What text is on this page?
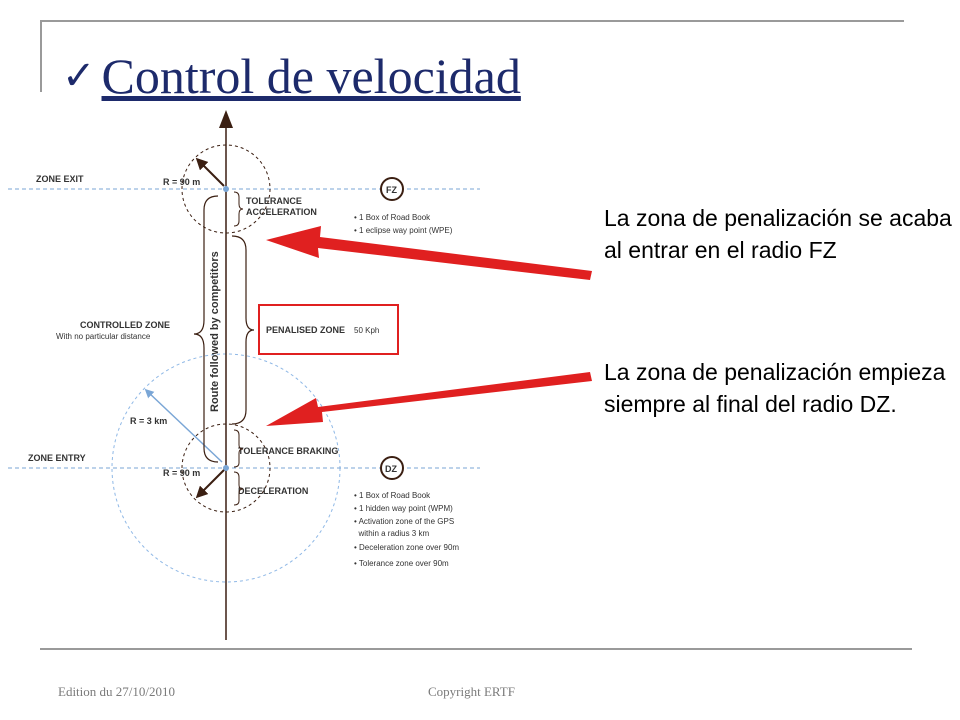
✓ Control de velocidad
ZONE EXIT
ZONE ENTRY
R = 90 m
R = 90 m
R = 3 km
TOLERANCE
ACCELERATION
TOLERANCE BRAKING
DECELERATION
Route followed by competitors
CONTROLLED ZONE
With no particular distance
PENALISED ZONE 50 Kph
FZ
DZ
• 1 Box of Road Book
• 1 eclipse way point (WPE)
• 1 Box of Road Book
• 1 hidden way point (WPM)
• Activation zone of the GPS
within a radius 3 km
• Deceleration zone over 90m
• Tolerance zone over 90m
La zona de penalización se acaba al entrar en el radio FZ
La zona de penalización empieza siempre al final del radio DZ.
Edition du 27/10/2010	Copyright ERTF
